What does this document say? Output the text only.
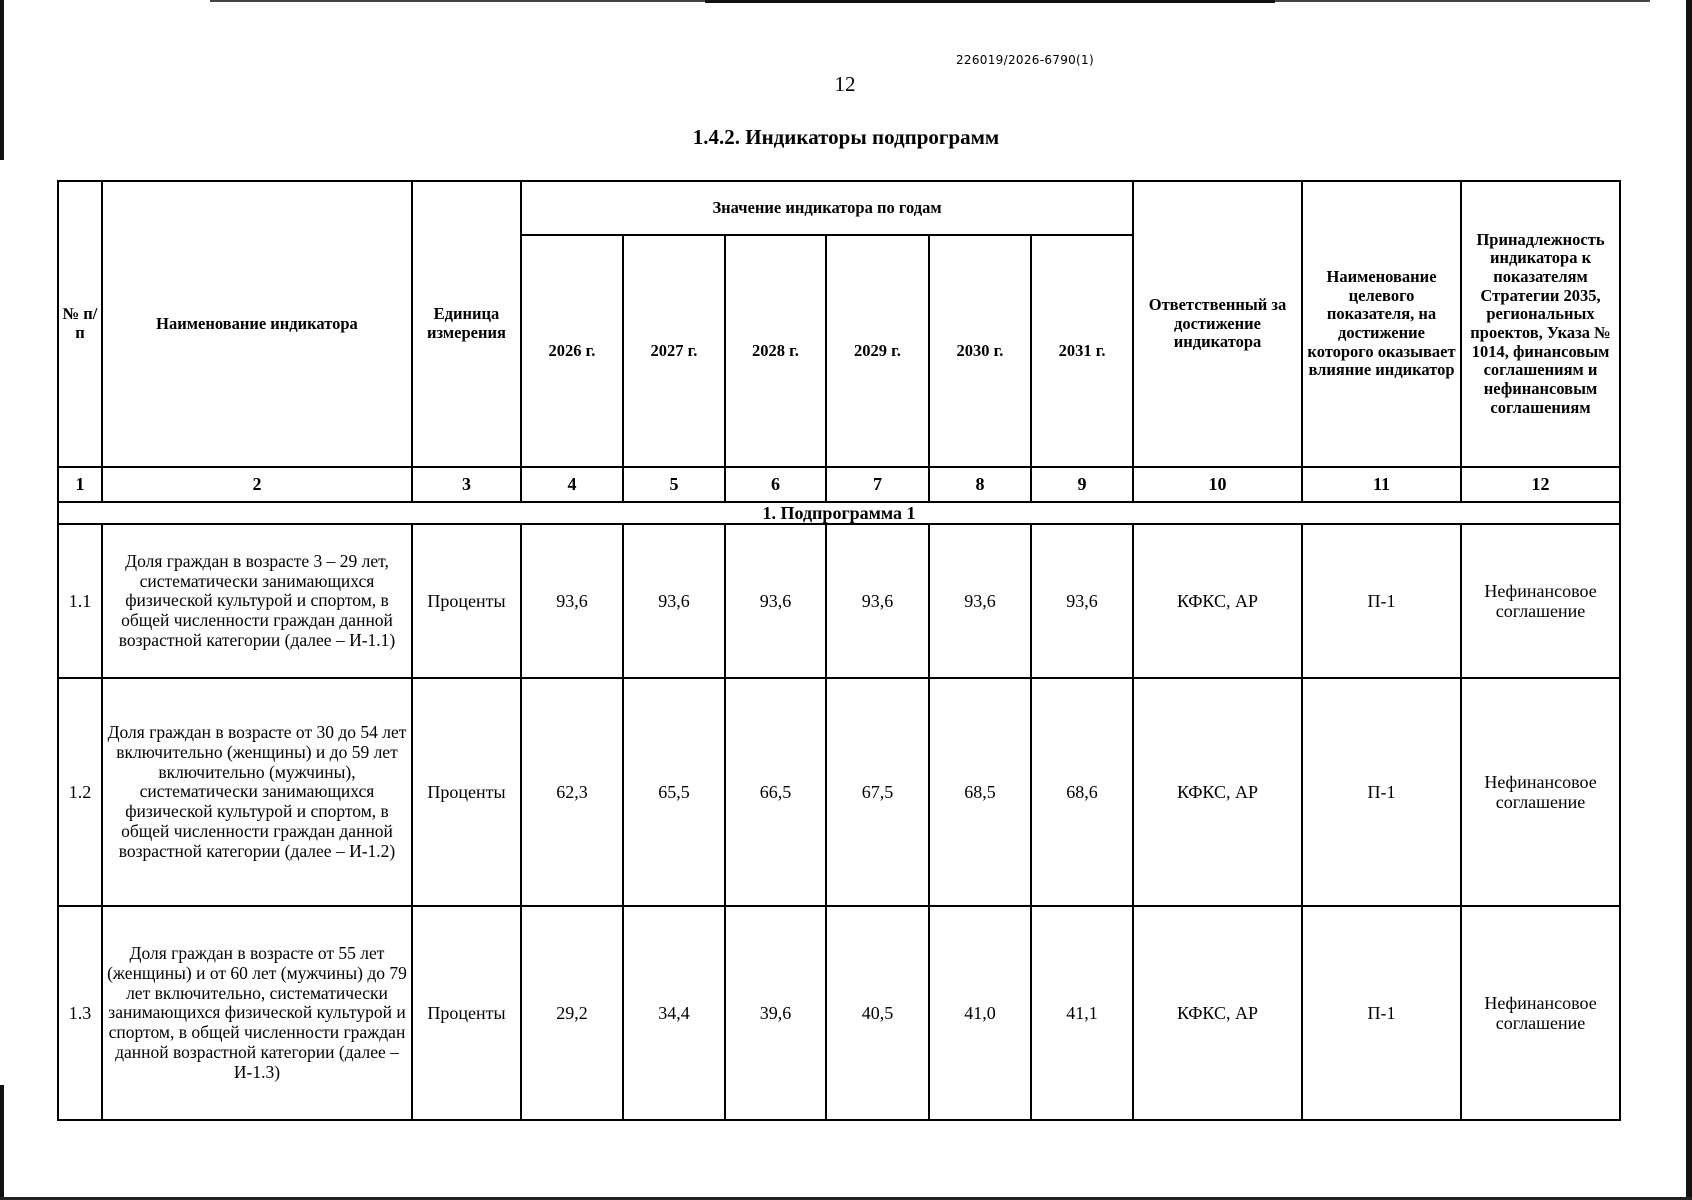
226019/2026-6790(1)
12
1.4.2. Индикаторы подпрограмм
№ п/п	Наименование индикатора	Единица измерения	Значение индикатора по годам						Ответственный за достижение индикатора	Наименование целевого показателя, на достижение которого оказывает влияние индикатор	Принадлежность индикатора к показателям Стратегии 2035, региональных проектов, Указа № 1014, финансовым соглашениям и нефинансовым соглашениям
			2026 г.	2027 г.	2028 г.	2029 г.	2030 г.	2031 г.			
1	2	3	4	5	6	7	8	9	10	11	12
1. Подпрограмма 1											
1.1	Доля граждан в возрасте 3 – 29 лет, систематически занимающихся физической культурой и спортом, в общей численности граждан данной возрастной категории (далее – И-1.1)	Проценты	93,6	93,6	93,6	93,6	93,6	93,6	КФКС, АР	П-1	Нефинансовое соглашение
1.2	Доля граждан в возрасте от 30 до 54 лет включительно (женщины) и до 59 лет включительно (мужчины), систематически занимающихся физической культурой и спортом, в общей численности граждан данной возрастной категории (далее – И-1.2)	Проценты	62,3	65,5	66,5	67,5	68,5	68,6	КФКС, АР	П-1	Нефинансовое соглашение
1.3	Доля граждан в возрасте от 55 лет (женщины) и от 60 лет (мужчины) до 79 лет включительно, систематически занимающихся физической культурой и спортом, в общей численности граждан данной возрастной категории (далее – И-1.3)	Проценты	29,2	34,4	39,6	40,5	41,0	41,1	КФКС, АР	П-1	Нефинансовое соглашение
